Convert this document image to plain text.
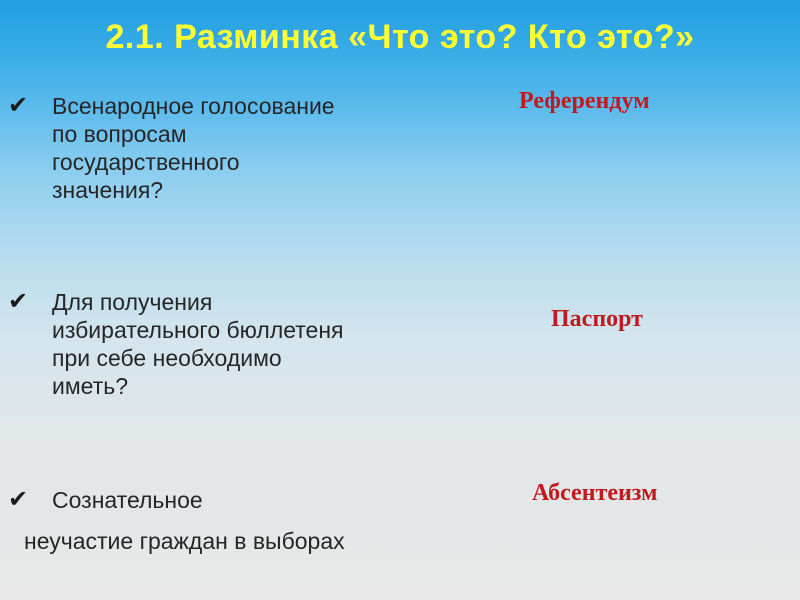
2.1. Разминка «Что это? Кто это?»
✔ Всенародное голосование
по вопросам
государственного
значения?
✔ Для получения
избирательного бюллетеня
при себе необходимо
иметь?
✔ Сознательное
неучастие граждан в выборах
Референдум
Паспорт
Абсентеизм
